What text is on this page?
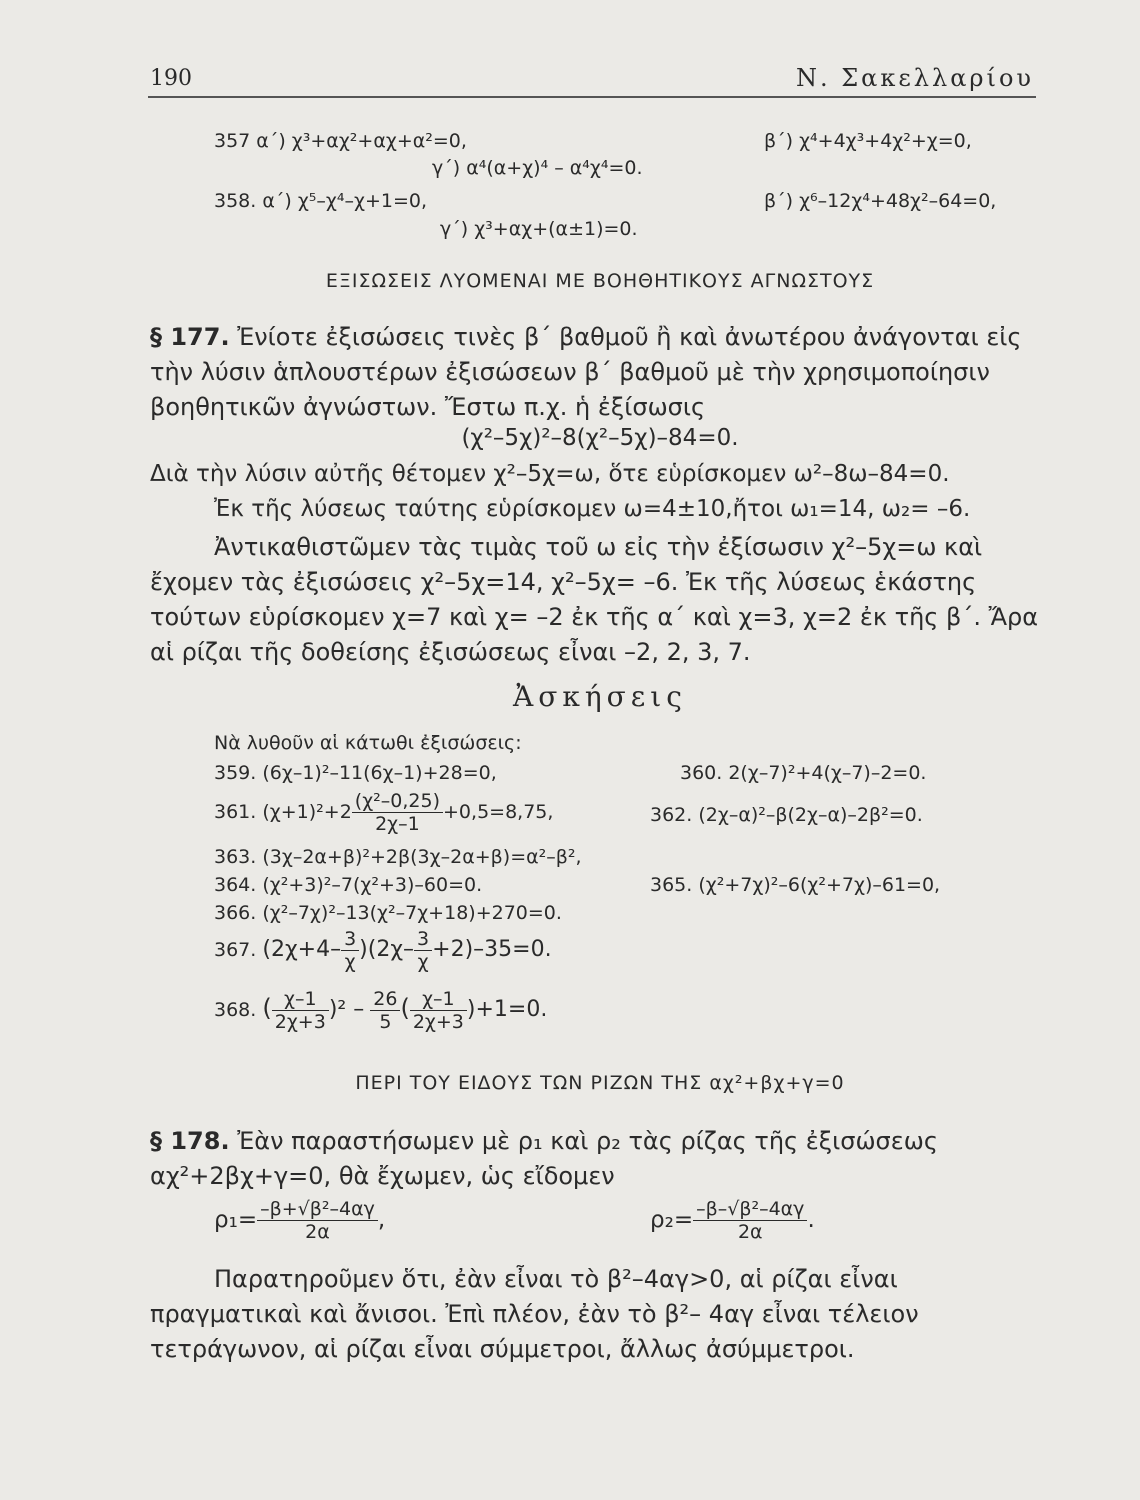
190	Ν. Σακελλαρίου
357 α΄) χ³+αχ²+αχ+α²=0,	β΄) χ⁴+4χ³+4χ²+χ=0,
γ΄) α⁴(α+χ)⁴ – α⁴χ⁴=0.
358. α΄) χ⁵–χ⁴–χ+1=0,	β΄) χ⁶–12χ⁴+48χ²–64=0,
γ΄) χ³+αχ+(α±1)=0.
ΕΞΙΣΩΣΕΙΣ ΛΥΟΜΕΝΑΙ ΜΕ ΒΟΗΘΗΤΙΚΟΥΣ ΑΓΝΩΣΤΟΥΣ
§ 177. Ἐνίοτε ἐξισώσεις τινὲς β΄ βαθμοῦ ἢ καὶ ἀνωτέρου ἀνάγονται εἰς τὴν λύσιν ἁπλουστέρων ἐξισώσεων β΄ βαθμοῦ μὲ τὴν χρησιμοποίησιν βοηθητικῶν ἀγνώστων. Ἔστω π.χ. ἡ ἐξίσωσις
(χ²–5χ)²–8(χ²–5χ)–84=0.
Διὰ τὴν λύσιν αὐτῆς θέτομεν χ²–5χ=ω, ὅτε εὑρίσκομεν ω²–8ω–84=0.
Ἐκ τῆς λύσεως ταύτης εὑρίσκομεν ω=4±10,ἤτοι ω₁=14, ω₂= –6.
Ἀντικαθιστῶμεν τὰς τιμὰς τοῦ ω εἰς τὴν ἐξίσωσιν χ²–5χ=ω καὶ ἔχομεν τὰς ἐξισώσεις χ²–5χ=14, χ²–5χ= –6. Ἐκ τῆς λύσεως ἑκάστης τούτων εὑρίσκομεν χ=7 καὶ χ= –2 ἐκ τῆς α΄ καὶ χ=3, χ=2 ἐκ τῆς β΄. Ἄρα αἱ ρίζαι τῆς δοθείσης ἐξισώσεως εἶναι –2, 2, 3, 7.
Ἀσκήσεις
Νὰ λυθοῦν αἱ κάτωθι ἐξισώσεις:
359. (6χ–1)²–11(6χ–1)+28=0,	360. 2(χ–7)²+4(χ–7)–2=0.
361. $(\chi+1)^2+2 \frac{\text{(χ²–0,25)}}{2\chi-1} +0,5=8,75$,	362. (2χ–α)²–β(2χ–α)–2β²=0.
363. (3χ–2α+β)²+2β(3χ–2α+β)=α²–β²,
364. (χ²+3)²–7(χ²+3)–60=0.	365. (χ²+7χ)²–6(χ²+7χ)–61=0,
366. (χ²–7χ)²–13(χ²–7χ+18)+270=0.
367. $(2\chi+4- \frac{3}{\chi} )(2\chi- \frac{3}{\chi} +2)-35=0$.
368. ( $\frac{\chi-1}{2\chi+3} )^2 - \frac{26}{5}$ ( $\frac{\chi-1}{2\chi+3} )+1=0$.
ΠΕΡΙ ΤΟΥ ΕΙΔΟΥΣ ΤΩΝ ΡΙΖΩΝ ΤΗΣ αχ²+βχ+γ=0
§ 178. Ἐὰν παραστήσωμεν μὲ ρ₁ καὶ ρ₂ τὰς ρίζας τῆς ἐξισώσεως αχ²+2βχ+γ=0, θὰ ἔχωμεν, ὡς εἴδομεν
$\rho_1= \frac{\text{–β+√β²–4αγ}}{2\alpha}$ ,	$\rho_2= \frac{\text{–β–√β²–4αγ}}{2\alpha}$ .
Παρατηροῦμεν ὅτι, ἐὰν εἶναι τὸ β²–4αγ>0, αἱ ρίζαι εἶναι πραγματικαὶ καὶ ἄνισοι. Ἐπὶ πλέον, ἐὰν τὸ β²– 4αγ εἶναι τέλειον τετράγωνον, αἱ ρίζαι εἶναι σύμμετροι, ἄλλως ἀσύμμετροι.
